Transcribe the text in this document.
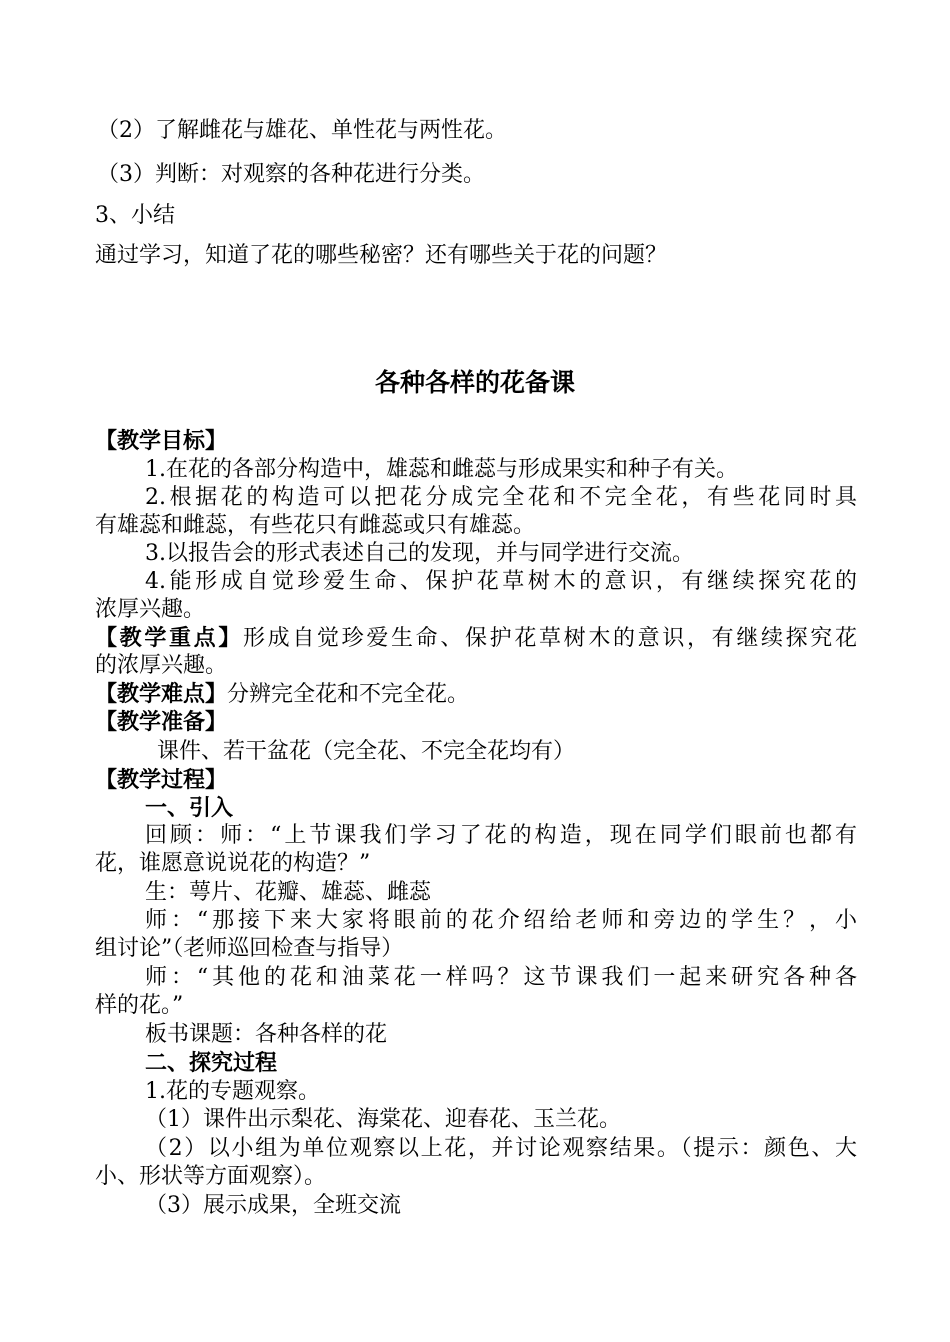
（2）了解雌花与雄花、单性花与两性花。
（3）判断：对观察的各种花进行分类。
3、小结
通过学习，知道了花的哪些秘密？还有哪些关于花的问题？
各种各样的花备课
【教学目标】
1.在花的各部分构造中，雄蕊和雌蕊与形成果实和种子有关。
2.根据花的构造可以把花分成完全花和不完全花，有些花同时具
有雄蕊和雌蕊，有些花只有雌蕊或只有雄蕊。
3.以报告会的形式表述自己的发现，并与同学进行交流。
4.能形成自觉珍爱生命、保护花草树木的意识，有继续探究花的
浓厚兴趣。
【教学重点】形成自觉珍爱生命、保护花草树木的意识，有继续探究花
的浓厚兴趣。
【教学难点】分辨完全花和不完全花。
【教学准备】
课件、若干盆花（完全花、不完全花均有）
【教学过程】
一、引入
回顾：师：“上节课我们学习了花的构造，现在同学们眼前也都有
花，谁愿意说说花的构造？”
生：萼片、花瓣、雄蕊、雌蕊
师：“那接下来大家将眼前的花介绍给老师和旁边的学生？，小
组讨论”（老师巡回检查与指导）
师：“其他的花和油菜花一样吗？这节课我们一起来研究各种各
样的花。”
板书课题：各种各样的花
二、探究过程
1.花的专题观察。
（1）课件出示梨花、海棠花、迎春花、玉兰花。
（2）以小组为单位观察以上花，并讨论观察结果。（提示：颜色、大
小、形状等方面观察）。
（3）展示成果，全班交流
